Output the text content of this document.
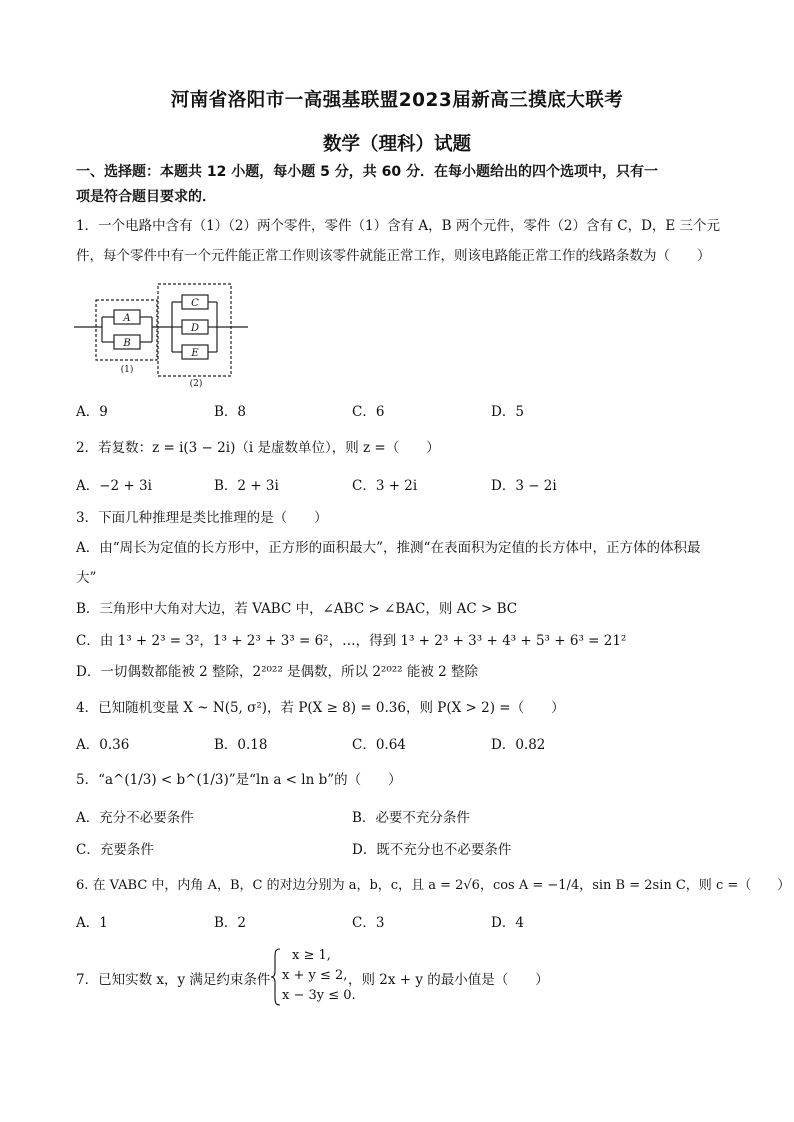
河南省洛阳市一高强基联盟2023届新高三摸底大联考
数学（理科）试题
一、选择题：本题共 12 小题，每小题 5 分，共 60 分．在每小题给出的四个选项中，只有一
项是符合题目要求的．
1．一个电路中含有（1）（2）两个零件，零件（1）含有 A，B 两个元件，零件（2）含有 C，D，E 三个元
件，每个零件中有一个元件能正常工作则该零件就能正常工作，则该电路能正常工作的线路条数为（　　）
A
B
C
D
E
(1)
(2)
A．9	B．8	C．6	D．5
2．若复数：z = i(3 − 2i)（i 是虚数单位），则 z =（　　）
A．−2 + 3i	B．2 + 3i	C．3 + 2i	D．3 − 2i
3．下面几种推理是类比推理的是（　　）
A．由“周长为定值的长方形中，正方形的面积最大”，推测“在表面积为定值的长方体中，正方体的体积最
大”
B．三角形中大角对大边，若 VABC 中，∠ABC > ∠BAC，则 AC > BC
C．由 1³ + 2³ = 3²，1³ + 2³ + 3³ = 6²，…，得到 1³ + 2³ + 3³ + 4³ + 5³ + 6³ = 21²
D．一切偶数都能被 2 整除，2²⁰²² 是偶数，所以 2²⁰²² 能被 2 整除
4．已知随机变量 X ~ N(5, σ²)，若 P(X ≥ 8) = 0.36，则 P(X > 2) =（　　）
A．0.36	B．0.18	C．0.64	D．0.82
5．“a^(1/3) < b^(1/3)”是“ln a < ln b”的（　　）
A．充分不必要条件	B．必要不充分条件
C．充要条件	D．既不充分也不必要条件
6. 在 VABC 中，内角 A，B，C 的对边分别为 a，b，c，且 a = 2√6，cos A = −1/4，sin B = 2sin C，则 c =（　　）
A．1	B．2	C．3	D．4
7．已知实数 x，y 满足约束条件
x ≥ 1,
x + y ≤ 2,
x − 3y ≤ 0.
，则 2x + y 的最小值是（　　）
